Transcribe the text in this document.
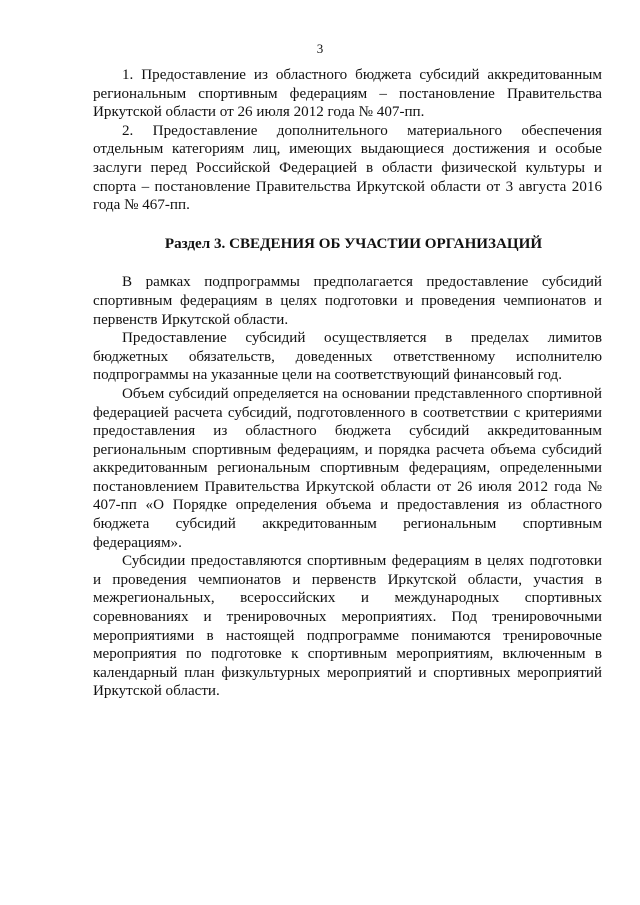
3

1. Предоставление из областного бюджета субсидий аккредитованным региональным спортивным федерациям – постановление Правительства Иркутской области от 26 июля 2012 года № 407-пп.

2. Предоставление дополнительного материального обеспечения отдельным категориям лиц, имеющих выдающиеся достижения и особые заслуги перед Российской Федерацией в области физической культуры и спорта – постановление Правительства Иркутской области от 3 августа 2016 года № 467-пп.

Раздел 3. СВЕДЕНИЯ ОБ УЧАСТИИ ОРГАНИЗАЦИЙ

В рамках подпрограммы предполагается предоставление субсидий спортивным федерациям в целях подготовки и проведения чемпионатов и первенств Иркутской области.

Предоставление субсидий осуществляется в пределах лимитов бюджетных обязательств, доведенных ответственному исполнителю подпрограммы на указанные цели на соответствующий финансовый год.

Объем субсидий определяется на основании представленного спортивной федерацией расчета субсидий, подготовленного в соответствии с критериями предоставления из областного бюджета субсидий аккредитованным региональным спортивным федерациям, и порядка расчета объема субсидий аккредитованным региональным спортивным федерациям, определенными постановлением Правительства Иркутской области от 26 июля 2012 года № 407-пп «О Порядке определения объема и предоставления из областного бюджета субсидий аккредитованным региональным спортивным федерациям».

Субсидии предоставляются спортивным федерациям в целях подготовки и проведения чемпионатов и первенств Иркутской области, участия в межрегиональных, всероссийских и международных спортивных соревнованиях и тренировочных мероприятиях. Под тренировочными мероприятиями в настоящей подпрограмме понимаются тренировочные мероприятия по подготовке к спортивным мероприятиям, включенным в календарный план физкультурных мероприятий и спортивных мероприятий Иркутской области.
